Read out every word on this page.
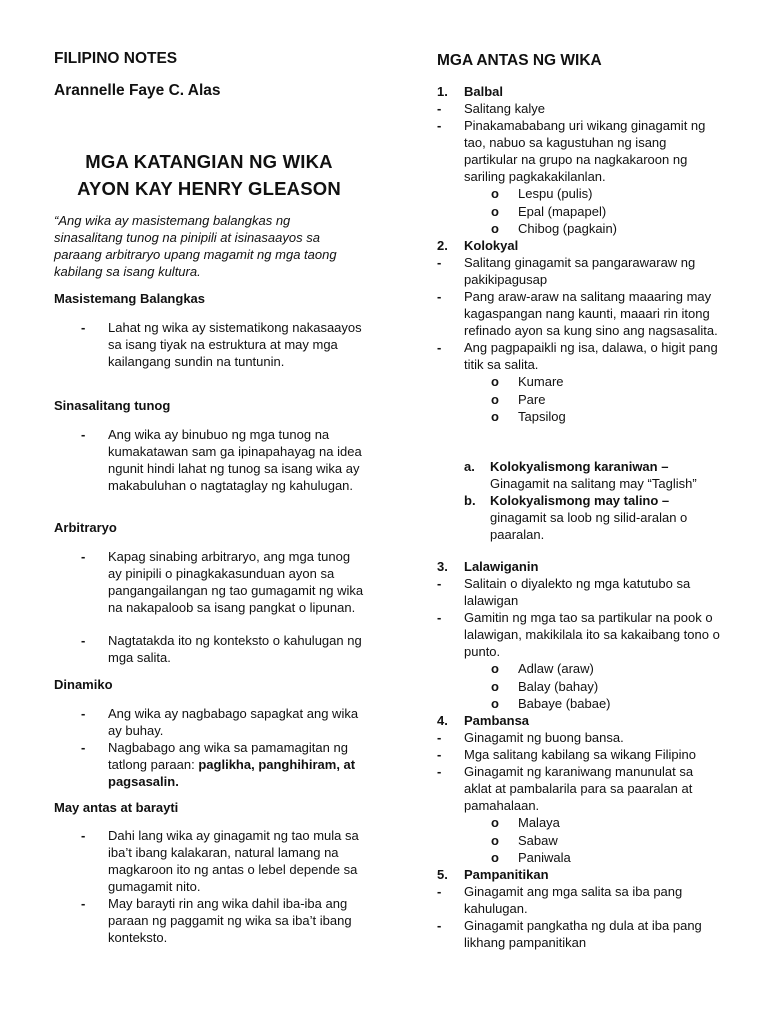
FILIPINO NOTES
Arannelle Faye C. Alas
MGA KATANGIAN NG WIKA
AYON KAY HENRY GLEASON
“Ang wika ay masistemang balangkas ng sinasalitang tunog na pinipili at isinasaayos sa paraang arbitraryo upang magamit ng mga taong kabilang sa isang kultura.
Masistemang Balangkas
-	Lahat ng wika ay sistematikong nakasaayos sa isang tiyak na estruktura at may mga kailangang sundin na tuntunin.
Sinasalitang tunog
-	Ang wika ay binubuo ng mga tunog na kumakatawan sam ga ipinapahayag na idea ngunit hindi lahat ng tunog sa isang wika ay makabuluhan o nagtataglay ng kahulugan.
Arbitraryo
-	Kapag sinabing arbitraryo, ang mga tunog ay pinipili o pinagkakasunduan ayon sa pangangailangan ng tao gumagamit ng wika na nakapaloob sa isang pangkat o lipunan.
-	Nagtatakda ito ng konteksto o kahulugan ng mga salita.
Dinamiko
-	Ang wika ay nagbabago sapagkat ang wika ay buhay.
-	Nagbabago ang wika sa pamamagitan ng tatlong paraan: paglikha, panghihiram, at pagsasalin.
May antas at barayti
-	Dahi lang wika ay ginagamit ng tao mula sa iba’t ibang kalakaran, natural lamang na magkaroon ito ng antas o lebel depende sa gumagamit nito.
-	May barayti rin ang wika dahil iba-iba ang paraan ng paggamit ng wika sa iba’t ibang konteksto.
MGA ANTAS NG WIKA
1.	Balbal
-	Salitang kalye
-	Pinakamababang uri wikang ginagamit ng tao, nabuo sa kagustuhan ng isang partikular na grupo na nagkakaroon ng sariling pagkakakilanlan.
o	Lespu (pulis)
o	Epal (mapapel)
o	Chibog (pagkain)
2.	Kolokyal
-	Salitang ginagamit sa pangarawaraw ng pakikipagusap
-	Pang araw-araw na salitang maaaring may kagaspangan nang kaunti, maaari rin itong refinado ayon sa kung sino ang nagsasalita.
-	Ang pagpapaikli ng isa, dalawa, o higit pang titik sa salita.
o	Kumare
o	Pare
o	Tapsilog
a.	Kolokyalismong karaniwan –
Ginagamit na salitang may “Taglish”
b.	Kolokyalismong may talino –
ginagamit sa loob ng silid-aralan o paaralan.
3.	Lalawiganin
-	Salitain o diyalekto ng mga katutubo sa lalawigan
-	Gamitin ng mga tao sa partikular na pook o lalawigan, makikilala ito sa kakaibang tono o punto.
o	Adlaw (araw)
o	Balay (bahay)
o	Babaye (babae)
4.	Pambansa
-	Ginagamit ng buong bansa.
-	Mga salitang kabilang sa wikang Filipino
-	Ginagamit ng karaniwang manunulat sa aklat at pambalarila para sa paaralan at pamahalaan.
o	Malaya
o	Sabaw
o	Paniwala
5.	Pampanitikan
-	Ginagamit ang mga salita sa iba pang kahulugan.
-	Ginagamit pangkatha ng dula at iba pang likhang pampanitikan
